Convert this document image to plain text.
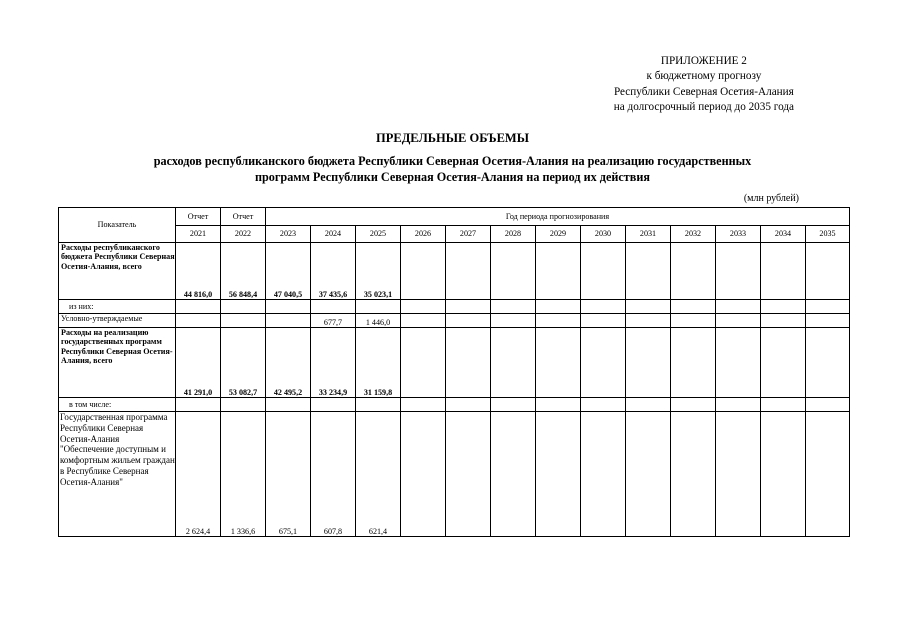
ПРИЛОЖЕНИЕ 2
к бюджетному прогнозу
Республики Северная Осетия-Алания
на долгосрочный период до 2035 года
ПРЕДЕЛЬНЫЕ ОБЪЕМЫ
расходов республиканского бюджета Республики Северная Осетия-Алания на реализацию государственных
программ Республики Северная Осетия-Алания на период их действия
(млн рублей)
Показатель	Отчет	Отчет	Год периода прогнозирования												
	2021	2022	2023	2024	2025	2026	2027	2028	2029	2030	2031	2032	2033	2034	2035
Расходы республиканского бюджета Республики Северная Осетия-Алания, всего	44 816,0	56 848,4	47 040,5	37 435,6	35 023,1										
из них:															
Условно-утверждаемые				677,7	1 446,0										
Расходы на реализацию государственных программ Республики Северная Осетия-Алания, всего	41 291,0	53 082,7	42 495,2	33 234,9	31 159,8										
в том числе:															
Государственная программа Республики Северная Осетия-Алания "Обеспечение доступным и комфортным жильем граждан в Республике Северная Осетия-Алания"	2 624,4	1 336,6	675,1	607,8	621,4										
